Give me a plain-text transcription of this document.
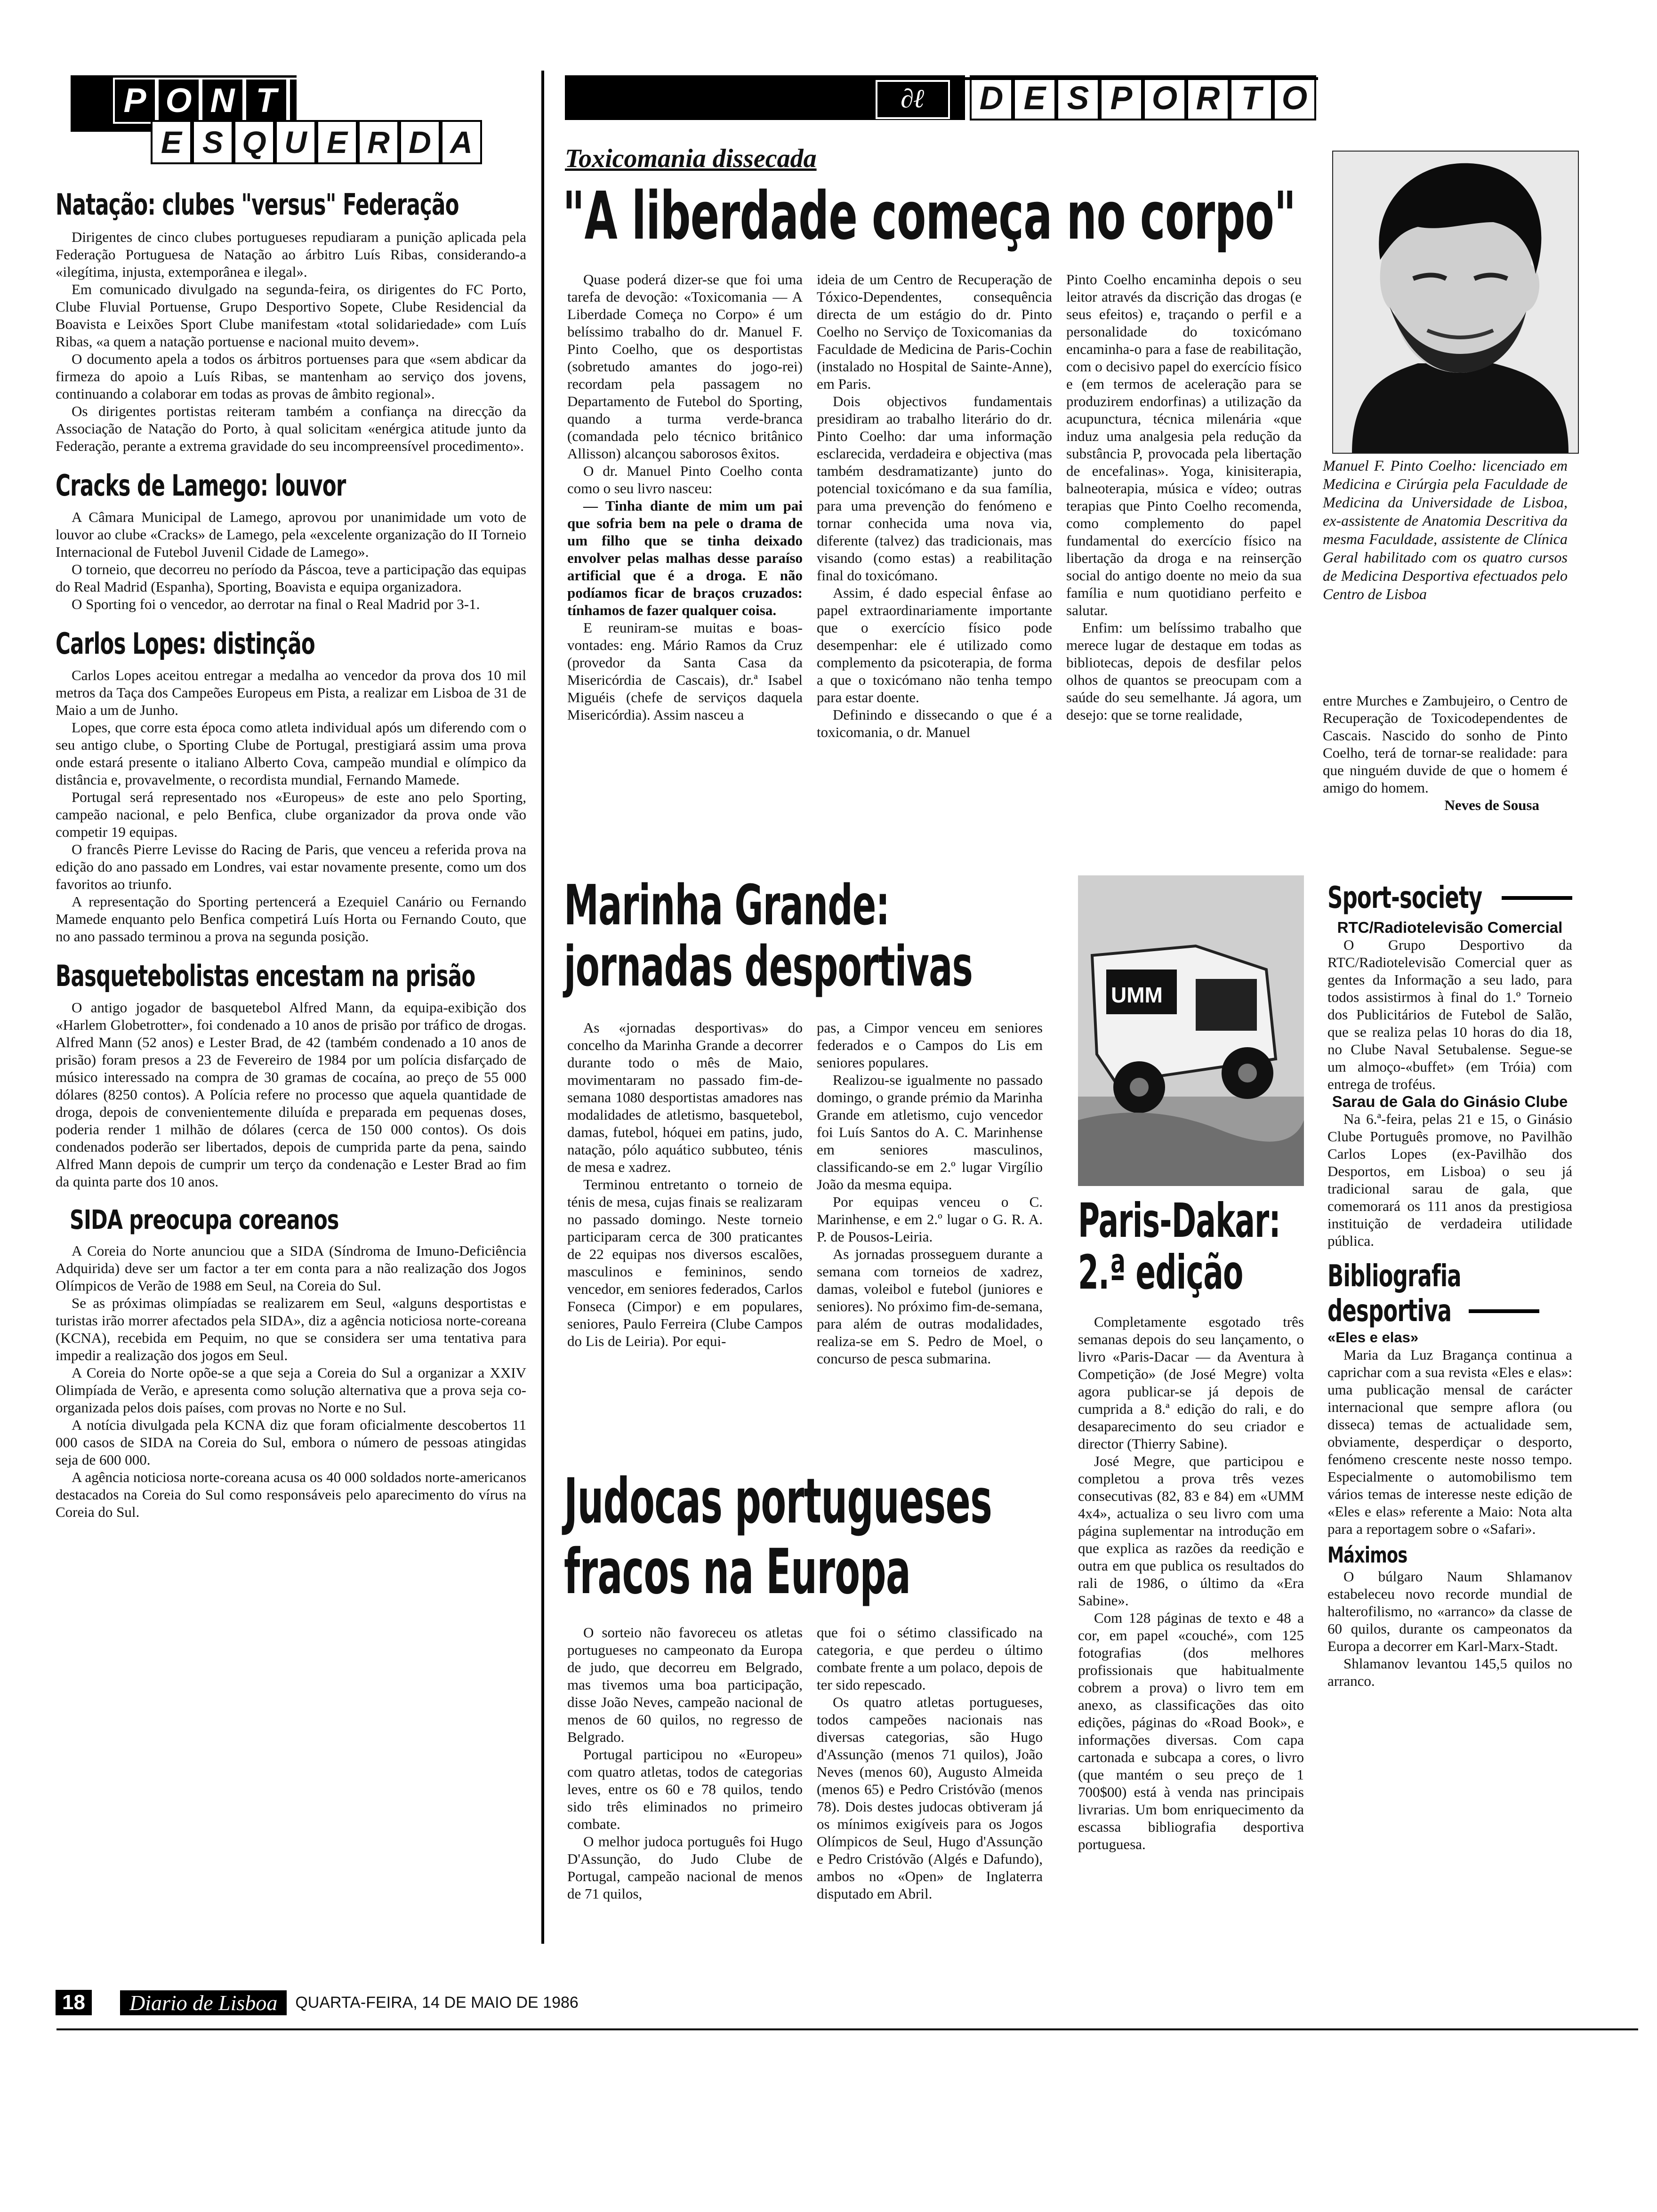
P O N T A
E S Q U E R D A
∂ℓ	D E S P O R T O
Natação: clubes "versus" Federação

Dirigentes de cinco clubes portugueses repudiaram a punição aplicada pela Federação Portuguesa de Natação ao árbitro Luís Ribas, considerando-a «ilegítima, injusta, extemporânea e ilegal».

Em comunicado divulgado na segunda-feira, os dirigentes do FC Porto, Clube Fluvial Portuense, Grupo Desportivo Sopete, Clube Residencial da Boavista e Leixões Sport Clube manifestam «total solidariedade» com Luís Ribas, «a quem a natação portuense e nacional muito devem».

O documento apela a todos os árbitros portuenses para que «sem abdicar da firmeza do apoio a Luís Ribas, se mantenham ao serviço dos jovens, continuando a colaborar em todas as provas de âmbito regional».

Os dirigentes portistas reiteram também a confiança na direcção da Associação de Natação do Porto, à qual solicitam «enérgica atitude junto da Federação, perante a extrema gravidade do seu incompreensível procedimento».

Cracks de Lamego: louvor

A Câmara Municipal de Lamego, aprovou por unanimidade um voto de louvor ao clube «Cracks» de Lamego, pela «excelente organização do II Torneio Internacional de Futebol Juvenil Cidade de Lamego».

O torneio, que decorreu no período da Páscoa, teve a participação das equipas do Real Madrid (Espanha), Sporting, Boavista e equipa organizadora.

O Sporting foi o vencedor, ao derrotar na final o Real Madrid por 3-1.

Carlos Lopes: distinção

Carlos Lopes aceitou entregar a medalha ao vencedor da prova dos 10 mil metros da Taça dos Campeões Europeus em Pista, a realizar em Lisboa de 31 de Maio a um de Junho.

Lopes, que corre esta época como atleta individual após um diferendo com o seu antigo clube, o Sporting Clube de Portugal, prestigiará assim uma prova onde estará presente o italiano Alberto Cova, campeão mundial e olímpico da distância e, provavelmente, o recordista mundial, Fernando Mamede.

Portugal será representado nos «Europeus» de este ano pelo Sporting, campeão nacional, e pelo Benfica, clube organizador da prova onde vão competir 19 equipas.

O francês Pierre Levisse do Racing de Paris, que venceu a referida prova na edição do ano passado em Londres, vai estar novamente presente, como um dos favoritos ao triunfo.

A representação do Sporting pertencerá a Ezequiel Canário ou Fernando Mamede enquanto pelo Benfica competirá Luís Horta ou Fernando Couto, que no ano passado terminou a prova na segunda posição.

Basquetebolistas encestam na prisão

O antigo jogador de basquetebol Alfred Mann, da equipa-exibição dos «Harlem Globetrotter», foi condenado a 10 anos de prisão por tráfico de drogas. Alfred Mann (52 anos) e Lester Brad, de 42 (também condenado a 10 anos de prisão) foram presos a 23 de Fevereiro de 1984 por um polícia disfarçado de músico interessado na compra de 30 gramas de cocaína, ao preço de 55 000 dólares (8250 contos). A Polícia refere no processo que aquela quantidade de droga, depois de convenientemente diluída e preparada em pequenas doses, poderia render 1 milhão de dólares (cerca de 150 000 contos). Os dois condenados poderão ser libertados, depois de cumprida parte da pena, saindo Alfred Mann depois de cumprir um terço da condenação e Lester Brad ao fim da quinta parte dos 10 anos.

SIDA preocupa coreanos

A Coreia do Norte anunciou que a SIDA (Síndroma de Imuno-Deficiência Adquirida) deve ser um factor a ter em conta para a não realização dos Jogos Olímpicos de Verão de 1988 em Seul, na Coreia do Sul.

Se as próximas olimpíadas se realizarem em Seul, «alguns desportistas e turistas irão morrer afectados pela SIDA», diz a agência noticiosa norte-coreana (KCNA), recebida em Pequim, no que se considera ser uma tentativa para impedir a realização dos jogos em Seul.

A Coreia do Norte opõe-se a que seja a Coreia do Sul a organizar a XXIV Olimpíada de Verão, e apresenta como solução alternativa que a prova seja co-organizada pelos dois países, com provas no Norte e no Sul.

A notícia divulgada pela KCNA diz que foram oficialmente descobertos 11 000 casos de SIDA na Coreia do Sul, embora o número de pessoas atingidas seja de 600 000.

A agência noticiosa norte-coreana acusa os 40 000 soldados norte-americanos destacados na Coreia do Sul como responsáveis pelo aparecimento do vírus na Coreia do Sul.

Toxicomania dissecada
"A liberdade começa no corpo"

Quase poderá dizer-se que foi uma tarefa de devoção: «Toxicomania — A Liberdade Começa no Corpo» é um belíssimo trabalho do dr. Manuel F. Pinto Coelho, que os desportistas (sobretudo amantes do jogo-rei) recordam pela passagem no Departamento de Futebol do Sporting, quando a turma verde-branca (comandada pelo técnico britânico Allisson) alcançou saborosos êxitos.

O dr. Manuel Pinto Coelho conta como o seu livro nasceu:

— Tinha diante de mim um pai que sofria bem na pele o drama de um filho que se tinha deixado envolver pelas malhas desse paraíso artificial que é a droga. E não podíamos ficar de braços cruzados: tínhamos de fazer qualquer coisa.

E reuniram-se muitas e boas-vontades: eng. Mário Ramos da Cruz (provedor da Santa Casa da Misericórdia de Cascais), dr.ª Isabel Miguéis (chefe de serviços daquela Misericórdia). Assim nasceu a

ideia de um Centro de Recuperação de Tóxico-Dependentes, consequência directa de um estágio do dr. Pinto Coelho no Serviço de Toxicomanias da Faculdade de Medicina de Paris-Cochin (instalado no Hospital de Sainte-Anne), em Paris.

Dois objectivos fundamentais presidiram ao trabalho literário do dr. Pinto Coelho: dar uma informação esclarecida, verdadeira e objectiva (mas também desdramatizante) junto do potencial toxicómano e da sua família, para uma prevenção do fenómeno e tornar conhecida uma nova via, diferente (talvez) das tradicionais, mas visando (como estas) a reabilitação final do toxicómano.

Assim, é dado especial ênfase ao papel extraordinariamente importante que o exercício físico pode desempenhar: ele é utilizado como complemento da psicoterapia, de forma a que o toxicómano não tenha tempo para estar doente.

Definindo e dissecando o que é a toxicomania, o dr. Manuel

Pinto Coelho encaminha depois o seu leitor através da discrição das drogas (e seus efeitos) e, traçando o perfil e a personalidade do toxicómano encaminha-o para a fase de reabilitação, com o decisivo papel do exercício físico e (em termos de aceleração para se produzirem endorfinas) a utilização da acupunctura, técnica milenária «que induz uma analgesia pela redução da substância P, provocada pela libertação de encefalinas». Yoga, kinisiterapia, balneoterapia, música e vídeo; outras terapias que Pinto Coelho recomenda, como complemento do papel fundamental do exercício físico na libertação da droga e na reinserção social do antigo doente no meio da sua família e num quotidiano perfeito e salutar.

Enfim: um belíssimo trabalho que merece lugar de destaque em todas as bibliotecas, depois de desfilar pelos olhos de quantos se preocupam com a saúde do seu semelhante. Já agora, um desejo: que se torne realidade,

Manuel F. Pinto Coelho: licenciado em Medicina e Cirúrgia pela Faculdade de Medicina da Universidade de Lisboa, ex-assistente de Anatomia Descritiva da mesma Faculdade, assistente de Clínica Geral habilitado com os quatro cursos de Medicina Desportiva efectuados pelo Centro de Lisboa

entre Murches e Zambujeiro, o Centro de Recuperação de Toxicodependentes de Cascais. Nascido do sonho de Pinto Coelho, terá de tornar-se realidade: para que ninguém duvide de que o homem é amigo do homem.

Neves de Sousa

Marinha Grande:
jornadas desportivas

As «jornadas desportivas» do concelho da Marinha Grande a decorrer durante todo o mês de Maio, movimentaram no passado fim-de-semana 1080 desportistas amadores nas modalidades de atletismo, basquetebol, damas, futebol, hóquei em patins, judo, natação, pólo aquático subbuteo, ténis de mesa e xadrez.

Terminou entretanto o torneio de ténis de mesa, cujas finais se realizaram no passado domingo. Neste torneio participaram cerca de 300 praticantes de 22 equipas nos diversos escalões, masculinos e femininos, sendo vencedor, em seniores federados, Carlos Fonseca (Cimpor) e em populares, seniores, Paulo Ferreira (Clube Campos do Lis de Leiria). Por equi-

pas, a Cimpor venceu em seniores federados e o Campos do Lis em seniores populares.

Realizou-se igualmente no passado domingo, o grande prémio da Marinha Grande em atletismo, cujo vencedor foi Luís Santos do A. C. Marinhense em seniores masculinos, classificando-se em 2.º lugar Virgílio João da mesma equipa.

Por equipas venceu o C. Marinhense, e em 2.º lugar o G. R. A. P. de Pousos-Leiria.

As jornadas prosseguem durante a semana com torneios de xadrez, damas, voleibol e futebol (juniores e seniores). No próximo fim-de-semana, para além de outras modalidades, realiza-se em S. Pedro de Moel, o concurso de pesca submarina.

Judocas portugueses
fracos na Europa

O sorteio não favoreceu os atletas portugueses no campeonato da Europa de judo, que decorreu em Belgrado, mas tivemos uma boa participação, disse João Neves, campeão nacional de menos de 60 quilos, no regresso de Belgrado.

Portugal participou no «Europeu» com quatro atletas, todos de categorias leves, entre os 60 e 78 quilos, tendo sido três eliminados no primeiro combate.

O melhor judoca português foi Hugo D'Assunção, do Judo Clube de Portugal, campeão nacional de menos de 71 quilos,

que foi o sétimo classificado na categoria, e que perdeu o último combate frente a um polaco, depois de ter sido repescado.

Os quatro atletas portugueses, todos campeões nacionais nas diversas categorias, são Hugo d'Assunção (menos 71 quilos), João Neves (menos 60), Augusto Almeida (menos 65) e Pedro Cristóvão (menos 78). Dois destes judocas obtiveram já os mínimos exigíveis para os Jogos Olímpicos de Seul, Hugo d'Assunção e Pedro Cristóvão (Algés e Dafundo), ambos no «Open» de Inglaterra disputado em Abril.

UMM
Paris-Dakar:
2.ª edição

Completamente esgotado três semanas depois do seu lançamento, o livro «Paris-Dacar — da Aventura à Competição» (de José Megre) volta agora publicar-se já depois de cumprida a 8.ª edição do rali, e do desaparecimento do seu criador e director (Thierry Sabine).

José Megre, que participou e completou a prova três vezes consecutivas (82, 83 e 84) em «UMM 4x4», actualiza o seu livro com uma página suplementar na introdução em que explica as razões da reedição e outra em que publica os resultados do rali de 1986, o último da «Era Sabine».

Com 128 páginas de texto e 48 a cor, em papel «couché», com 125 fotografias (dos melhores profissionais que habitualmente cobrem a prova) o livro tem em anexo, as classificações das oito edições, páginas do «Road Book», e informações diversas. Com capa cartonada e subcapa a cores, o livro (que mantém o seu preço de 1 700$00) está à venda nas principais livrarias. Um bom enriquecimento da escassa bibliografia desportiva portuguesa.

Sport-society

RTC/Radiotelevisão Comercial

O Grupo Desportivo da RTC/Radiotelevisão Comercial quer as gentes da Informação a seu lado, para todos assistirmos à final do 1.º Torneio dos Publicitários de Futebol de Salão, que se realiza pelas 10 horas do dia 18, no Clube Naval Setubalense. Segue-se um almoço-«buffet» (em Tróia) com entrega de troféus.

Sarau de Gala do Ginásio Clube

Na 6.ª-feira, pelas 21 e 15, o Ginásio Clube Português promove, no Pavilhão Carlos Lopes (ex-Pavilhão dos Desportos, em Lisboa) o seu já tradicional sarau de gala, que comemorará os 111 anos da prestigiosa instituição de verdadeira utilidade pública.

Bibliografia
desportiva

«Eles e elas»

Maria da Luz Bragança continua a caprichar com a sua revista «Eles e elas»: uma publicação mensal de carácter internacional que sempre aflora (ou disseca) temas de actualidade sem, obviamente, desperdiçar o desporto, fenómeno crescente neste nosso tempo. Especialmente o automobilismo tem vários temas de interesse neste edição de «Eles e elas» referente a Maio: Nota alta para a reportagem sobre o «Safari».

Máximos

O búlgaro Naum Shlamanov estabeleceu novo recorde mundial de halterofilismo, no «arranco» da classe de 60 quilos, durante os campeonatos da Europa a decorrer em Karl-Marx-Stadt.

Shlamanov levantou 145,5 quilos no arranco.

18	Diario de Lisboa	QUARTA-FEIRA, 14 DE MAIO DE 1986
